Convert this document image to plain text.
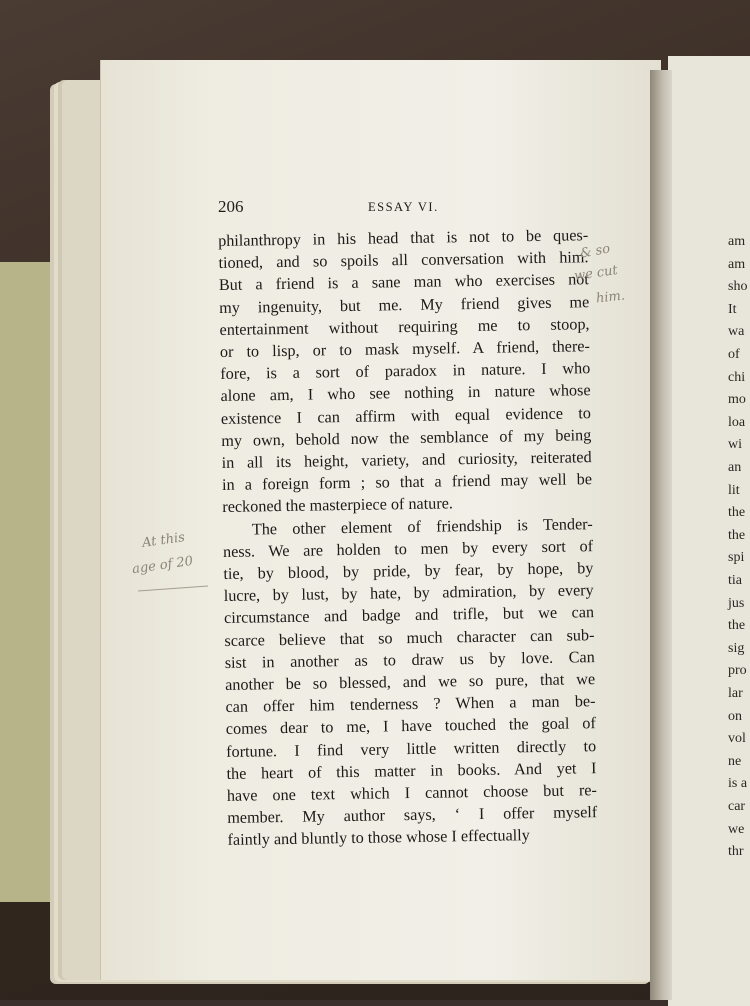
am
am
sho
It
wa
of
chi
mo
loa
wi
an
lit
the
the
spi
tia
jus
the
sig
pro
lar
on
vol
ne
is a
car
we
thr
206	ESSAY VI.
philanthropy in his head that is not to be ques-
tioned, and so spoils all conversation with him.
But a friend is a sane man who exercises not
my ingenuity, but me. My friend gives me
entertainment without requiring me to stoop,
or to lisp, or to mask myself. A friend, there-
fore, is a sort of paradox in nature. I who
alone am, I who see nothing in nature whose
existence I can affirm with equal evidence to
my own, behold now the semblance of my being
in all its height, variety, and curiosity, reiterated
in a foreign form ; so that a friend may well be
reckoned the masterpiece of nature.
The other element of friendship is Tender-
ness. We are holden to men by every sort of
tie, by blood, by pride, by fear, by hope, by
lucre, by lust, by hate, by admiration, by every
circumstance and badge and trifle, but we can
scarce believe that so much character can sub-
sist in another as to draw us by love. Can
another be so blessed, and we so pure, that we
can offer him tenderness ? When a man be-
comes dear to me, I have touched the goal of
fortune. I find very little written directly to
the heart of this matter in books. And yet I
have one text which I cannot choose but re-
member. My author says, ‘ I offer myself
faintly and bluntly to those whose I effectually
& so
we cut
him.
At this
age of 20
